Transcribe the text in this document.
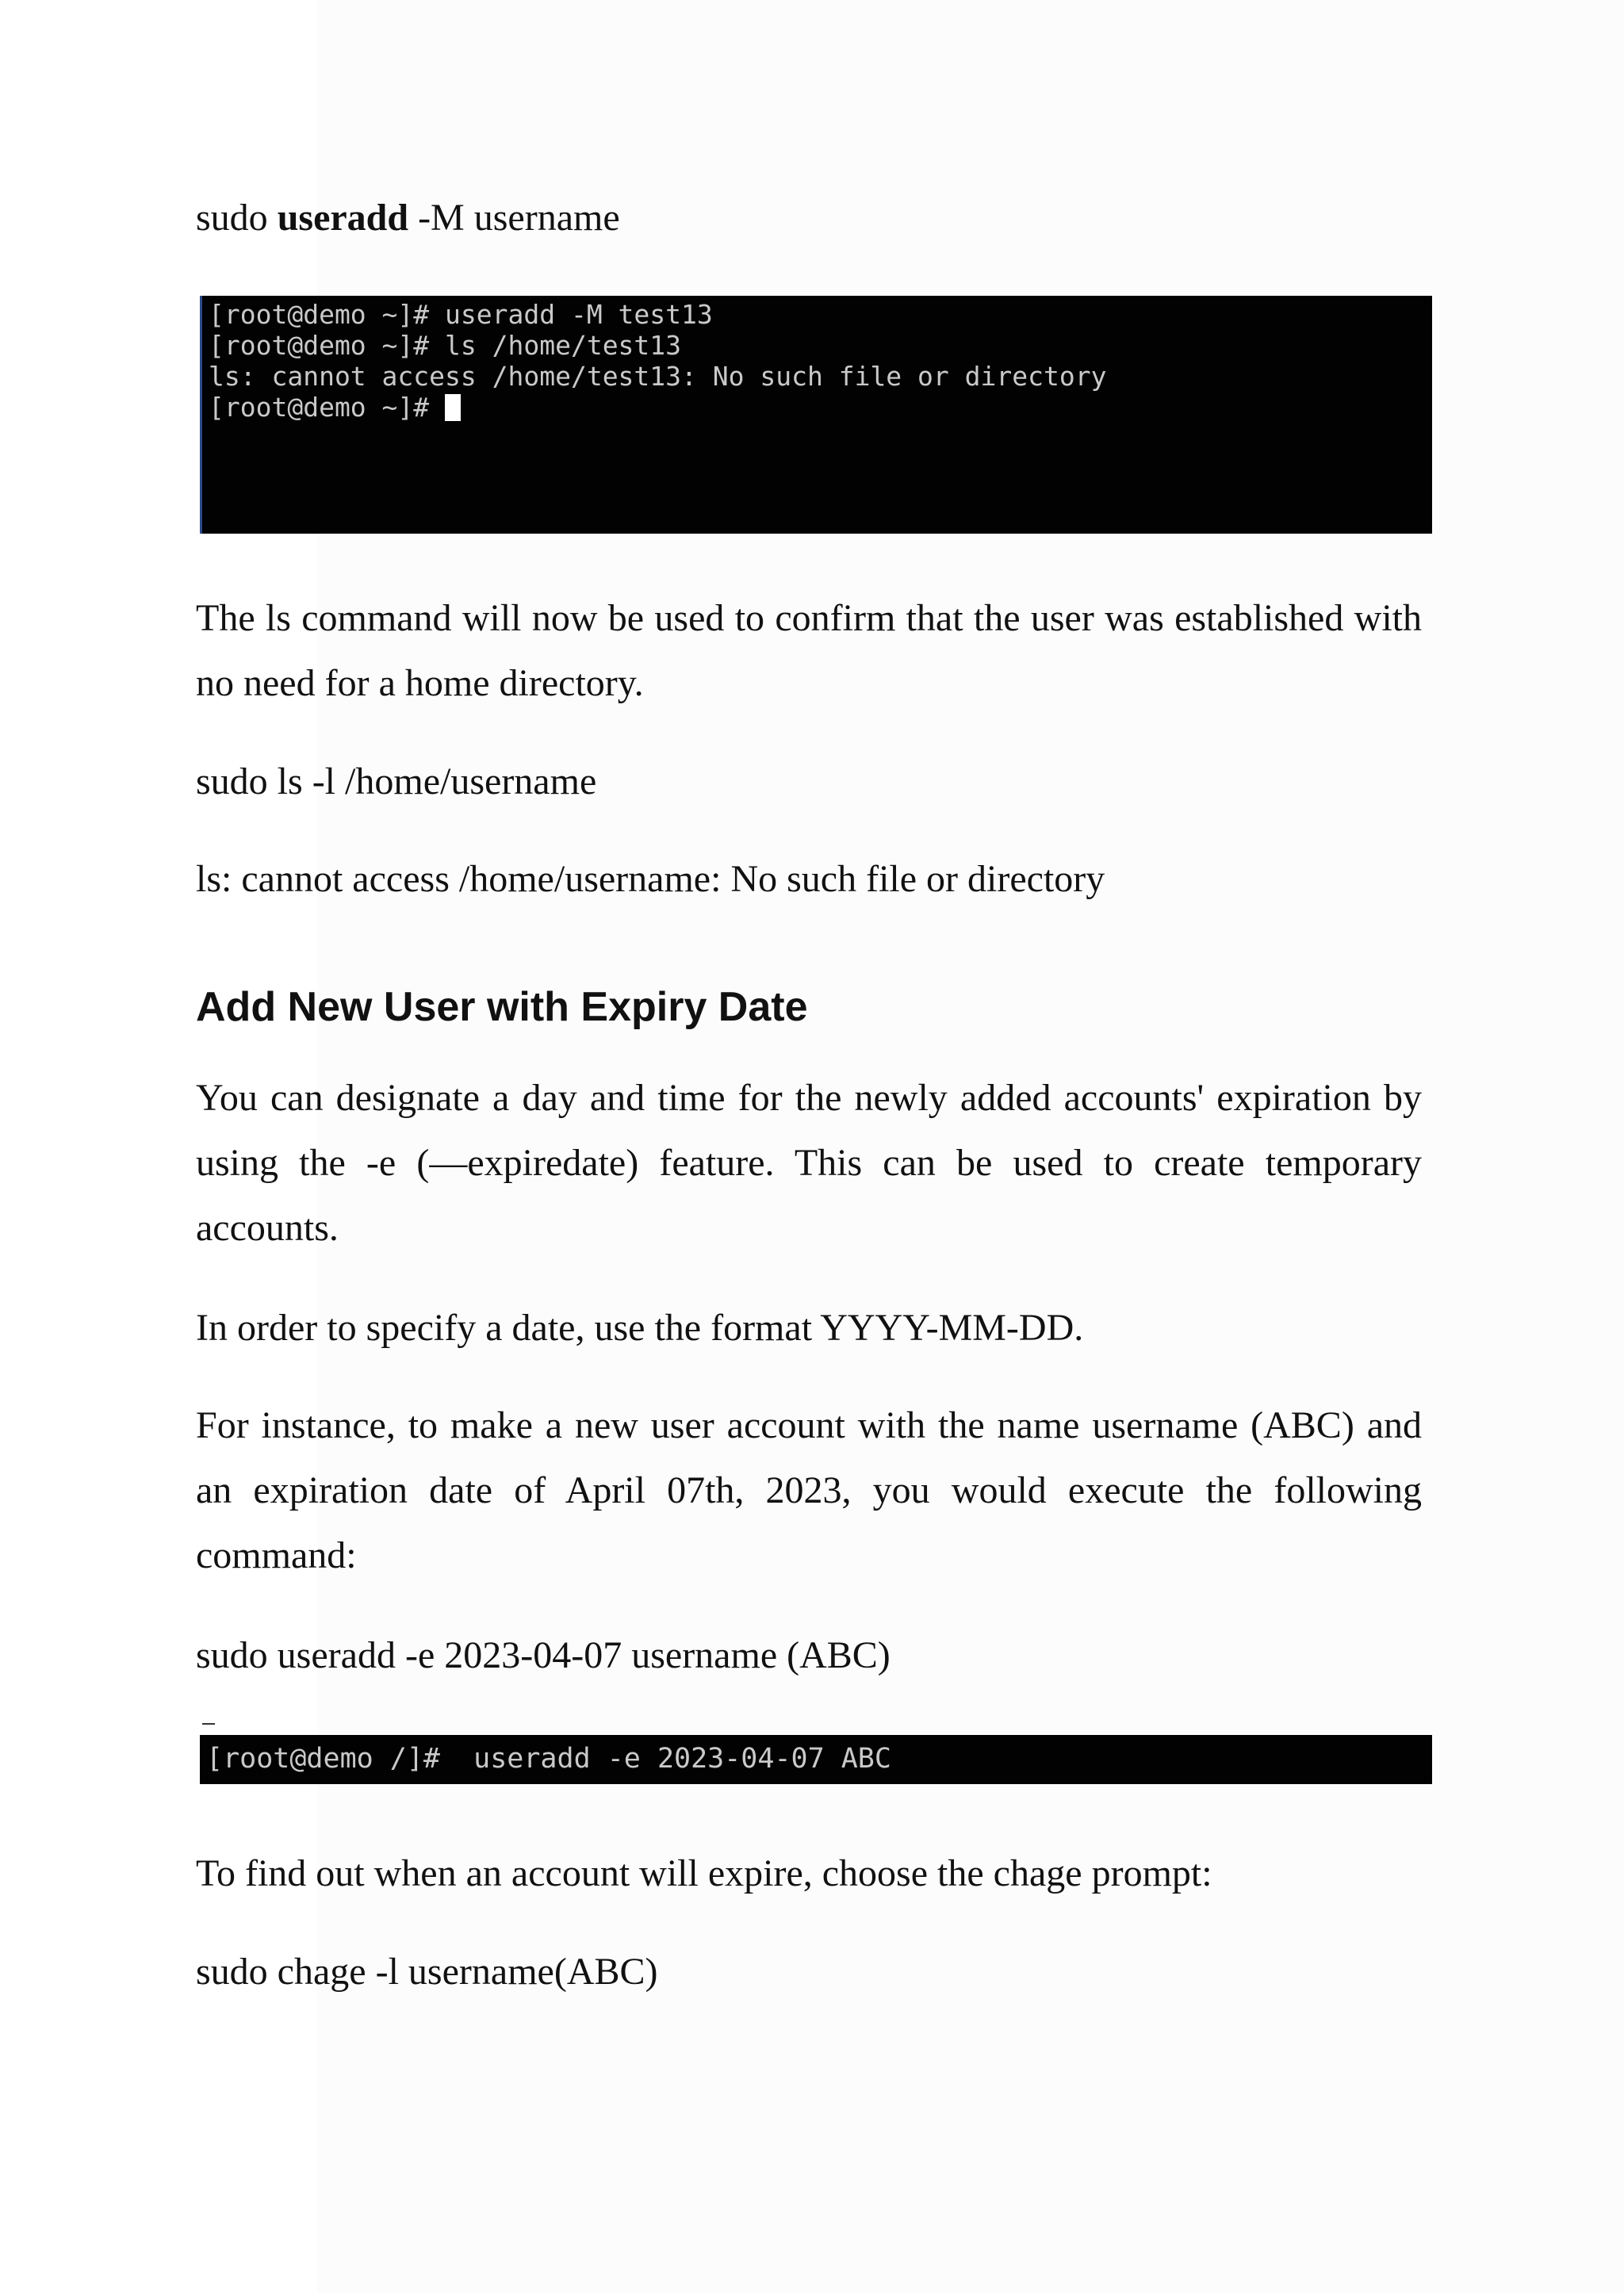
sudo useradd -M username

[root@demo ~]# useradd -M test13
[root@demo ~]# ls /home/test13
ls: cannot access /home/test13: No such file or directory
[root@demo ~]#

The ls command will now be used to confirm that the user was established with no need for a home directory.

sudo ls -l /home/username

ls: cannot access /home/username: No such file or directory

Add New User with Expiry Date

You can designate a day and time for the newly added accounts' expiration by using the -e (—expiredate) feature. This can be used to create temporary accounts.

In order to specify a date, use the format YYYY-MM-DD.

For instance, to make a new user account with the name username (ABC) and an expiration date of April 07th, 2023, you would execute the following command:

sudo useradd -e 2023-04-07 username (ABC)

[root@demo /]#  useradd -e 2023-04-07 ABC

To find out when an account will expire, choose the chage prompt:

sudo chage -l username(ABC)
